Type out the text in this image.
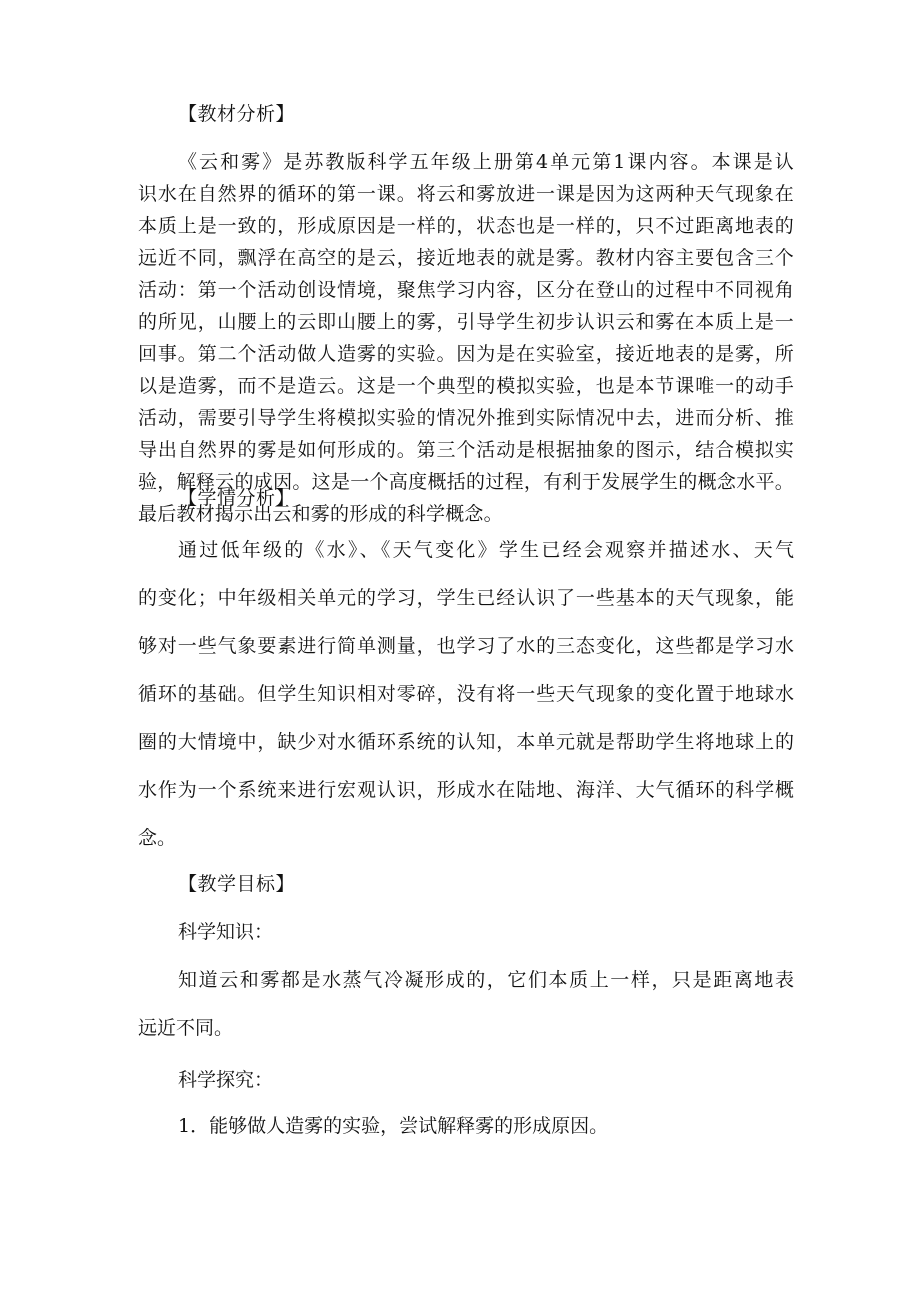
【教材分析】
《云和雾》是苏教版科学五年级上册第4单元第1课内容。本课是认
识水在自然界的循环的第一课。将云和雾放进一课是因为这两种天气现象在
本质上是一致的，形成原因是一样的，状态也是一样的，只不过距离地表的
远近不同，飘浮在高空的是云，接近地表的就是雾。教材内容主要包含三个
活动：第一个活动创设情境，聚焦学习内容，区分在登山的过程中不同视角
的所见，山腰上的云即山腰上的雾，引导学生初步认识云和雾在本质上是一
回事。第二个活动做人造雾的实验。因为是在实验室，接近地表的是雾，所
以是造雾，而不是造云。这是一个典型的模拟实验，也是本节课唯一的动手
活动，需要引导学生将模拟实验的情况外推到实际情况中去，进而分析、推
导出自然界的雾是如何形成的。第三个活动是根据抽象的图示，结合模拟实
验，解释云的成因。这是一个高度概括的过程，有利于发展学生的概念水平。
最后教材揭示出云和雾的形成的科学概念。
【学情分析】
通过低年级的《水》、《天气变化》学生已经会观察并描述水、天气
的变化；中年级相关单元的学习，学生已经认识了一些基本的天气现象，能
够对一些气象要素进行简单测量，也学习了水的三态变化，这些都是学习水
循环的基础。但学生知识相对零碎，没有将一些天气现象的变化置于地球水
圈的大情境中，缺少对水循环系统的认知，本单元就是帮助学生将地球上的
水作为一个系统来进行宏观认识，形成水在陆地、海洋、大气循环的科学概
念。
【教学目标】
科学知识：
知道云和雾都是水蒸气冷凝形成的，它们本质上一样，只是距离地表
远近不同。
科学探究：
1．能够做人造雾的实验，尝试解释雾的形成原因。
